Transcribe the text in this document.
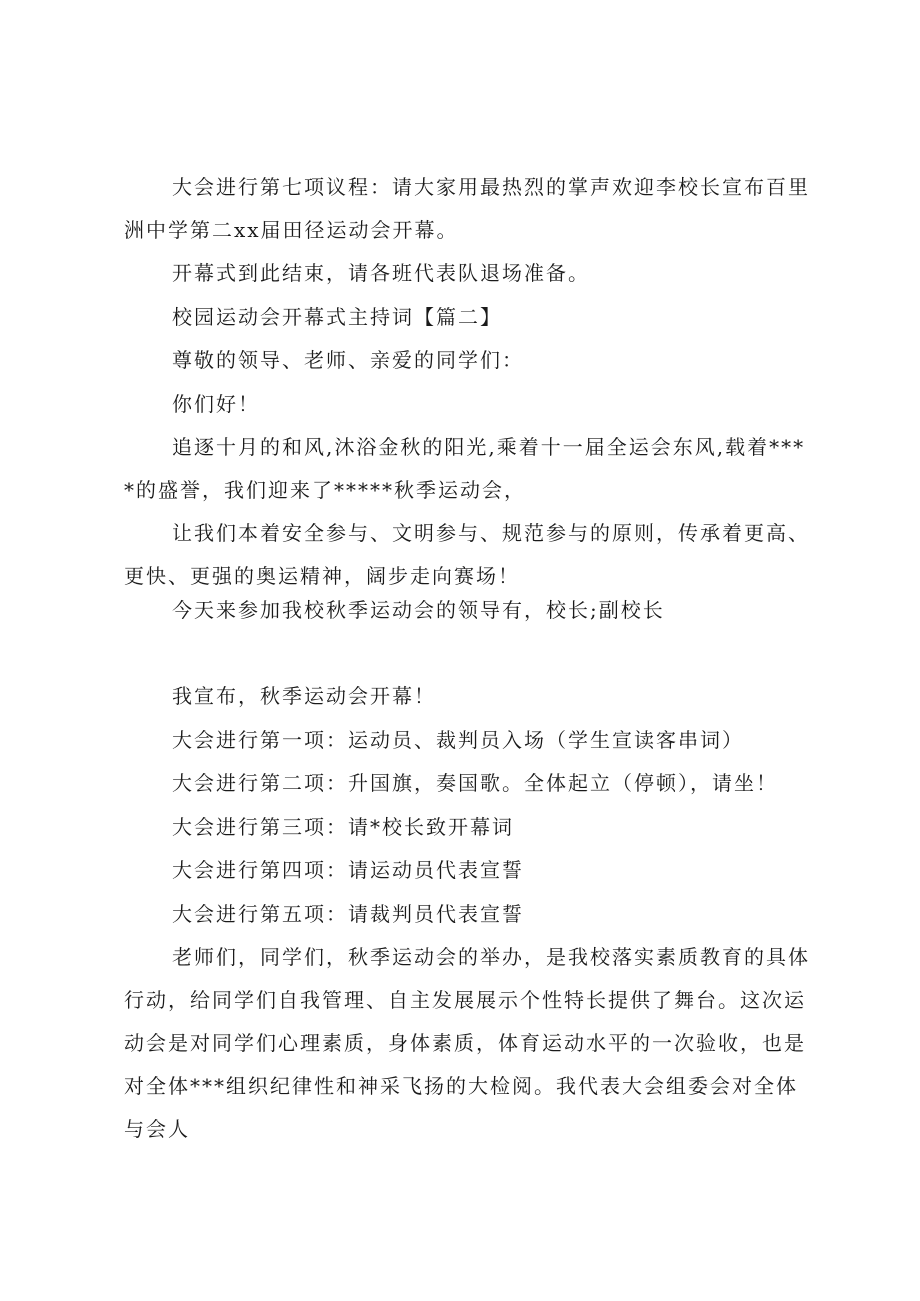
大会进行第七项议程：请大家用最热烈的掌声欢迎李校长宣布百里洲中学第二xx届田径运动会开幕。

开幕式到此结束，请各班代表队退场准备。

校园运动会开幕式主持词【篇二】

尊敬的领导、老师、亲爱的同学们：

你们好！

追逐十月的和风,沐浴金秋的阳光,乘着十一届全运会东风,载着****的盛誉，我们迎来了*****秋季运动会，

让我们本着安全参与、文明参与、规范参与的原则，传承着更高、更快、更强的奥运精神，阔步走向赛场！

今天来参加我校秋季运动会的领导有，校长;副校长

我宣布，秋季运动会开幕！

大会进行第一项：运动员、裁判员入场（学生宣读客串词）

大会进行第二项：升国旗，奏国歌。全体起立（停顿），请坐！

大会进行第三项：请*校长致开幕词

大会进行第四项：请运动员代表宣誓

大会进行第五项：请裁判员代表宣誓

老师们，同学们，秋季运动会的举办，是我校落实素质教育的具体行动，给同学们自我管理、自主发展展示个性特长提供了舞台。这次运动会是对同学们心理素质，身体素质，体育运动水平的一次验收，也是对全体***组织纪律性和神采飞扬的大检阅。我代表大会组委会对全体与会人
